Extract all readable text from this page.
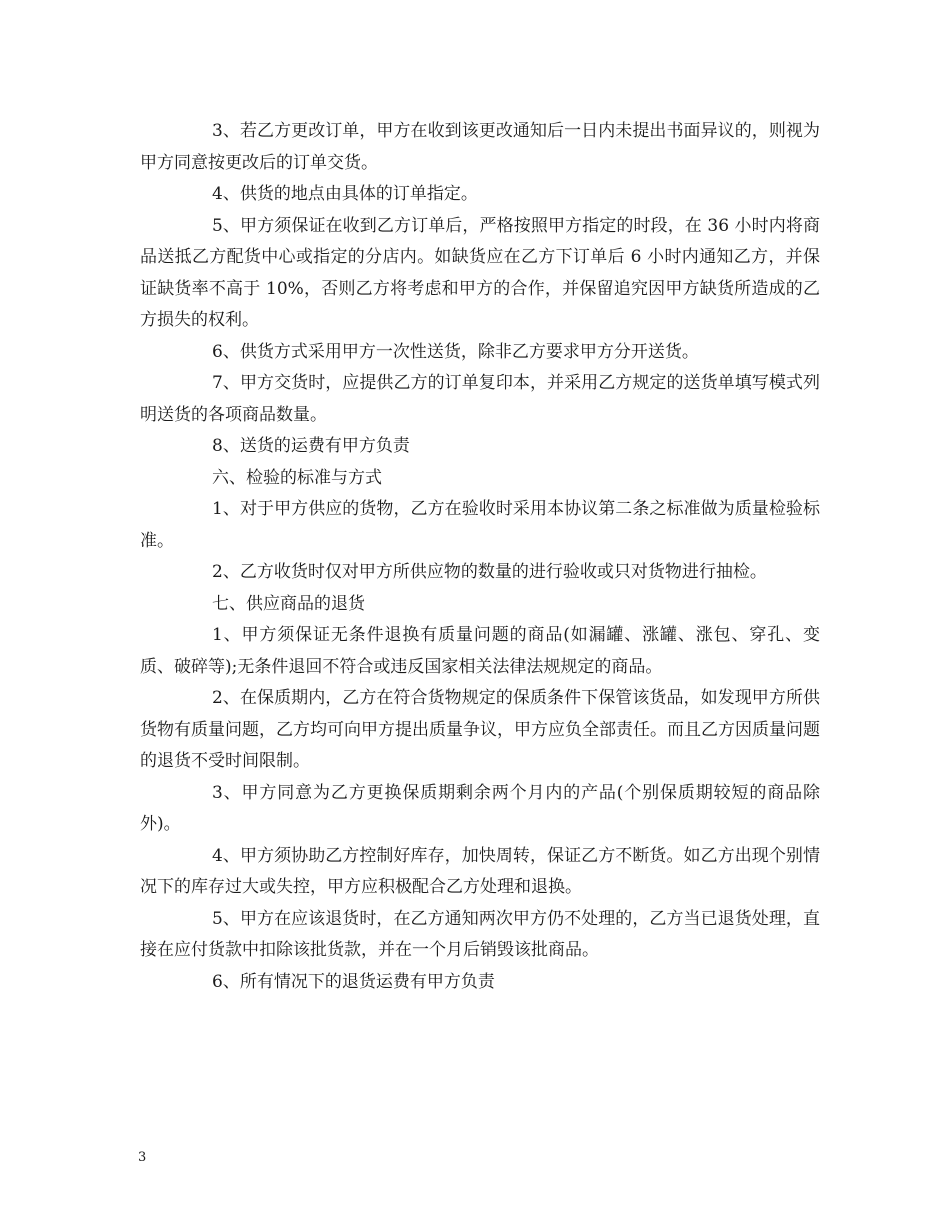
3、若乙方更改订单，甲方在收到该更改通知后一日内未提出书面异议的，则视为甲方同意按更改后的订单交货。

4、供货的地点由具体的订单指定。

5、甲方须保证在收到乙方订单后，严格按照甲方指定的时段，在 36 小时内将商品送抵乙方配货中心或指定的分店内。如缺货应在乙方下订单后 6 小时内通知乙方，并保证缺货率不高于 10%，否则乙方将考虑和甲方的合作，并保留追究因甲方缺货所造成的乙方损失的权利。

6、供货方式采用甲方一次性送货，除非乙方要求甲方分开送货。

7、甲方交货时，应提供乙方的订单复印本，并采用乙方规定的送货单填写模式列明送货的各项商品数量。

8、送货的运费有甲方负责

六、检验的标准与方式

1、对于甲方供应的货物，乙方在验收时采用本协议第二条之标准做为质量检验标准。

2、乙方收货时仅对甲方所供应物的数量的进行验收或只对货物进行抽检。

七、供应商品的退货

1、甲方须保证无条件退换有质量问题的商品(如漏罐、涨罐、涨包、穿孔、变质、破碎等);无条件退回不符合或违反国家相关法律法规规定的商品。

2、在保质期内，乙方在符合货物规定的保质条件下保管该货品，如发现甲方所供货物有质量问题，乙方均可向甲方提出质量争议，甲方应负全部责任。而且乙方因质量问题的退货不受时间限制。

3、甲方同意为乙方更换保质期剩余两个月内的产品(个别保质期较短的商品除外)。

4、甲方须协助乙方控制好库存，加快周转，保证乙方不断货。如乙方出现个别情况下的库存过大或失控，甲方应积极配合乙方处理和退换。

5、甲方在应该退货时，在乙方通知两次甲方仍不处理的，乙方当已退货处理，直接在应付货款中扣除该批货款，并在一个月后销毁该批商品。

6、所有情况下的退货运费有甲方负责

3
